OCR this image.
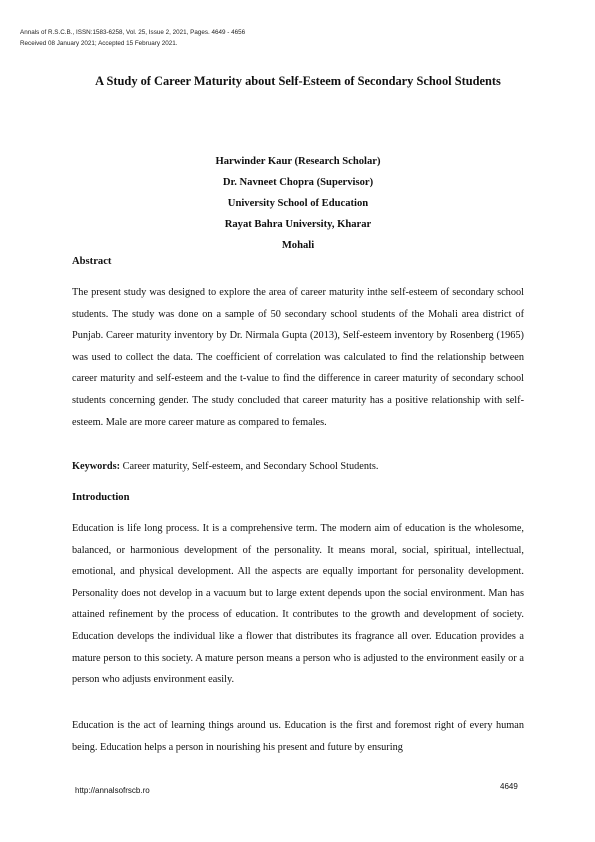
Annals of R.S.C.B., ISSN:1583-6258, Vol. 25, Issue 2, 2021, Pages. 4649 - 4656
Received 08 January 2021; Accepted 15 February 2021.
A Study of Career Maturity about Self-Esteem of Secondary School Students
Harwinder Kaur (Research Scholar)
Dr. Navneet Chopra (Supervisor)
University School of Education
Rayat Bahra University, Kharar
Mohali
Abstract
The present study was designed to explore the area of career maturity inthe self-esteem of secondary school students. The study was done on a sample of 50 secondary school students of the Mohali area district of Punjab. Career maturity inventory by Dr. Nirmala Gupta (2013), Self-esteem inventory by Rosenberg (1965) was used to collect the data. The coefficient of correlation was calculated to find the relationship between career maturity and self-esteem and the t-value to find the difference in career maturity of secondary school students concerning gender. The study concluded that career maturity has a positive relationship with self-esteem. Male are more career mature as compared to females.
Keywords: Career maturity, Self-esteem, and Secondary School Students.
Introduction
Education is life long process. It is a comprehensive term. The modern aim of education is the wholesome, balanced, or harmonious development of the personality. It means moral, social, spiritual, intellectual, emotional, and physical development. All the aspects are equally important for personality development. Personality does not develop in a vacuum but to large extent depends upon the social environment. Man has attained refinement by the process of education. It contributes to the growth and development of society. Education develops the individual like a flower that distributes its fragrance all over. Education provides a mature person to this society. A mature person means a person who is adjusted to the environment easily or a person who adjusts environment easily.
Education is the act of learning things around us. Education is the first and foremost right of every human being. Education helps a person in nourishing his present and future by ensuring
http://annalsofrscb.ro	4649
